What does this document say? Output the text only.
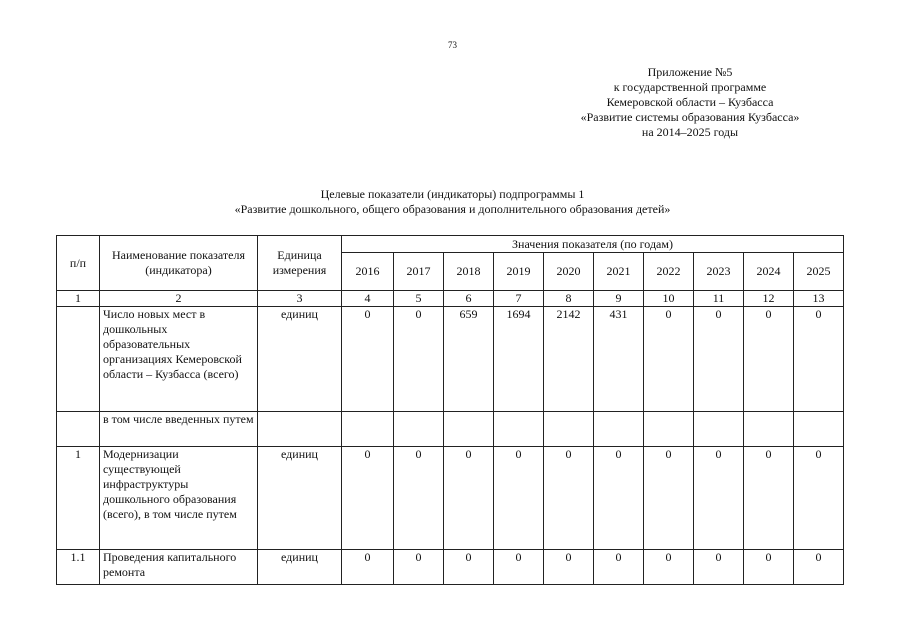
73
Приложение №5
к государственной программе
Кемеровской области – Кузбасса
«Развитие системы образования Кузбасса»
на 2014–2025 годы
Целевые показатели (индикаторы) подпрограммы 1
«Развитие дошкольного, общего образования и дополнительного образования детей»
п/п	Наименование показателя (индикатора)	Единица измерения	Значения показателя (по годам)									
			2016	2017	2018	2019	2020	2021	2022	2023	2024	2025
1	2	3	4	5	6	7	8	9	10	11	12	13
	Число новых мест в дошкольных образовательных организациях Кемеровской области – Кузбасса (всего)	единиц	0	0	659	1694	2142	431	0	0	0	0
	в том числе введенных путем											
1	Модернизации существующей инфраструктуры дошкольного образования (всего), в том числе путем	единиц	0	0	0	0	0	0	0	0	0	0
1.1	Проведения капитального ремонта	единиц	0	0	0	0	0	0	0	0	0	0
